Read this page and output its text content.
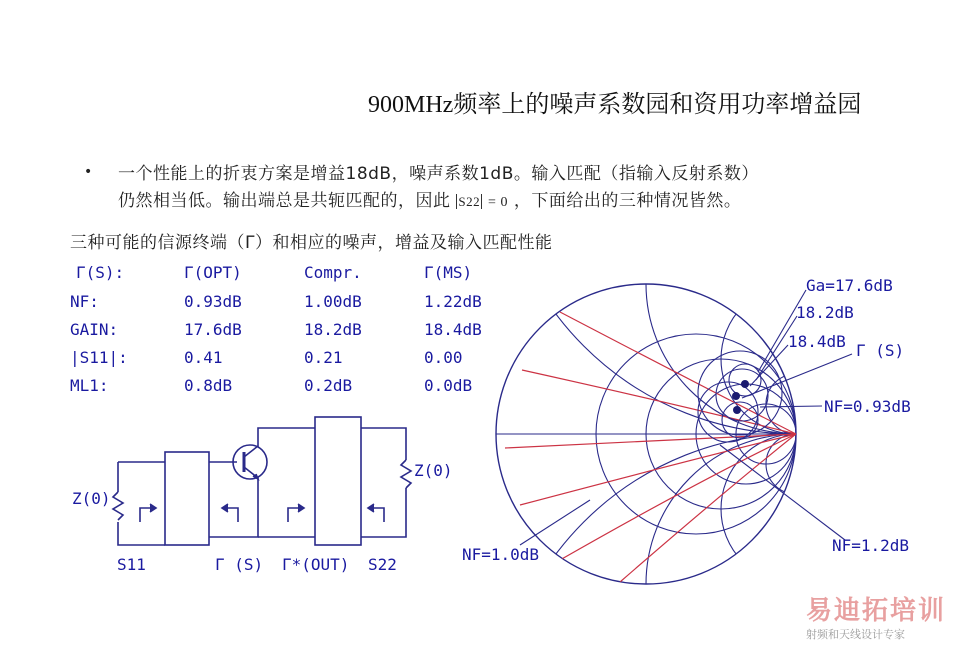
900MHz频率上的噪声系数园和资用功率增益园
• 一个性能上的折衷方案是增益18dB，噪声系数1dB。输入匹配（指输入反射系数）
仍然相当低。输出端总是共轭匹配的，因此 S22 = 0 ，下面给出的三种情况皆然。
三种可能的信源终端（Γ）和相应的噪声，增益及输入匹配性能
Γ(S):	Γ(OPT)	Compr.	Γ(MS)
NF:	0.93dB	1.00dB	1.22dB
GAIN:	17.6dB	18.2dB	18.4dB
|S11|:	0.41	0.21	0.00
ML1:	0.8dB	0.2dB	0.0dB
Z(0)
Z(0)
S11	Γ (S) Γ*(OUT) S22
Ga=17.6dB
18.2dB
18.4dB Γ (S)
NF=0.93dB
NF=1.0dB	NF=1.2dB
易迪拓培训
射频和天线设计专家
